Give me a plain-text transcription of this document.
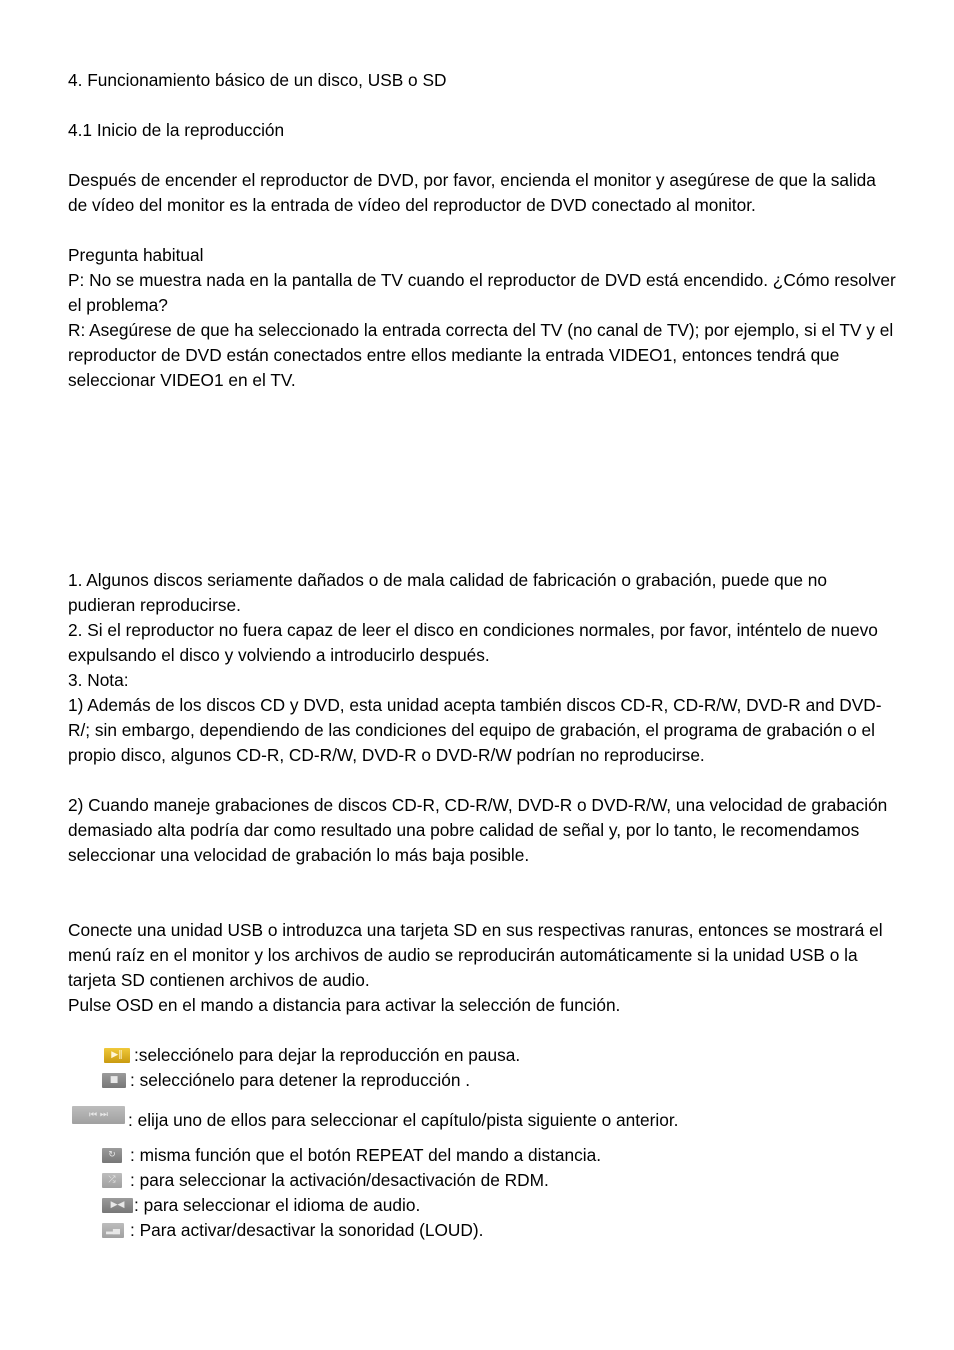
4. Funcionamiento básico de un disco, USB o SD
4.1 Inicio de la reproducción
Después de encender el reproductor de DVD, por favor, encienda el monitor y asegúrese de que la salida de vídeo del monitor es la entrada de vídeo del reproductor de DVD conectado al monitor.
Pregunta habitual
P: No se muestra nada en la pantalla de TV cuando el reproductor de DVD está encendido. ¿Cómo resolver el problema?
R: Asegúrese de que ha seleccionado la entrada correcta del TV (no canal de TV); por ejemplo, si el TV y el reproductor de DVD están conectados entre ellos mediante la entrada VIDEO1, entonces tendrá que seleccionar VIDEO1 en el TV.
1. Algunos discos seriamente dañados o de mala calidad de fabricación o grabación, puede que no pudieran reproducirse.
2. Si el reproductor no fuera capaz de leer el disco en condiciones normales, por favor, inténtelo de nuevo expulsando el disco y volviendo a introducirlo después.
3. Nota:
1) Además de los discos CD y DVD, esta unidad acepta también discos CD-R, CD-R/W, DVD-R and DVD-R/; sin embargo, dependiendo de las condiciones del equipo de grabación, el programa de grabación o el propio disco, algunos CD-R, CD-R/W, DVD-R o DVD-R/W podrían no reproducirse.
2) Cuando maneje grabaciones de discos CD-R, CD-R/W, DVD-R o DVD-R/W, una velocidad de grabación demasiado alta podría dar como resultado una pobre calidad de señal y, por lo tanto, le recomendamos seleccionar una velocidad de grabación lo más baja posible.
Conecte una unidad USB o introduzca una tarjeta SD en sus respectivas ranuras, entonces se mostrará el menú raíz en el monitor y los archivos de audio se reproducirán automáticamente si la unidad USB o la tarjeta SD contienen archivos de audio.
Pulse OSD en el mando a distancia para activar la selección de función.
▶‖ :selecciónelo para dejar la reproducción en pausa.
■ : selecciónelo para detener la reproducción .
⏮ ⏭	: elija uno de ellos para seleccionar el capítulo/pista siguiente o anterior.
↻ : misma función que el botón REPEAT del mando a distancia.
⤮ : para seleccionar la activación/desactivación de RDM.
▶◀ : para seleccionar el idioma de audio.
▂▄ : Para activar/desactivar la sonoridad (LOUD).
